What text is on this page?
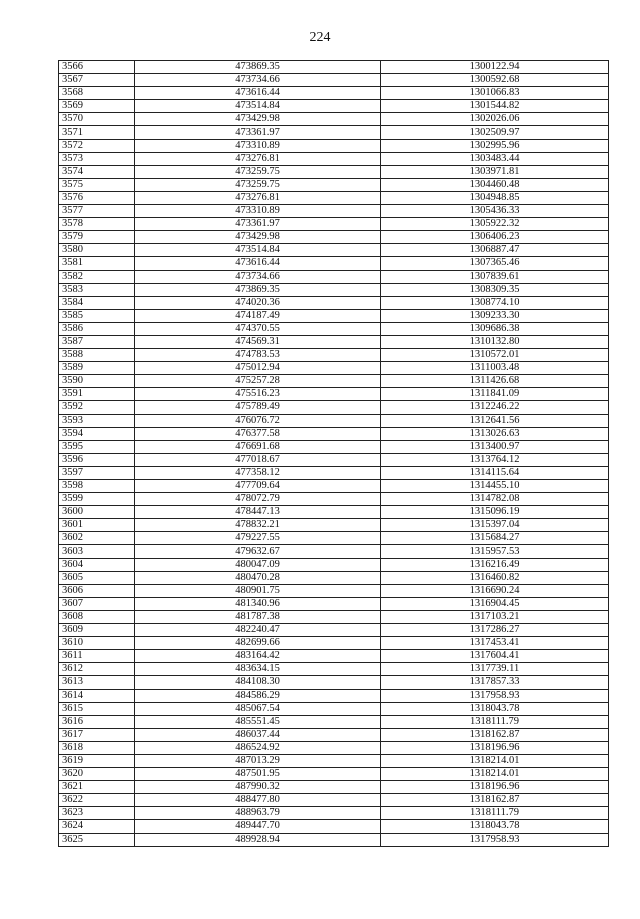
224
3566	473869.35	1300122.94
3567	473734.66	1300592.68
3568	473616.44	1301066.83
3569	473514.84	1301544.82
3570	473429.98	1302026.06
3571	473361.97	1302509.97
3572	473310.89	1302995.96
3573	473276.81	1303483.44
3574	473259.75	1303971.81
3575	473259.75	1304460.48
3576	473276.81	1304948.85
3577	473310.89	1305436.33
3578	473361.97	1305922.32
3579	473429.98	1306406.23
3580	473514.84	1306887.47
3581	473616.44	1307365.46
3582	473734.66	1307839.61
3583	473869.35	1308309.35
3584	474020.36	1308774.10
3585	474187.49	1309233.30
3586	474370.55	1309686.38
3587	474569.31	1310132.80
3588	474783.53	1310572.01
3589	475012.94	1311003.48
3590	475257.28	1311426.68
3591	475516.23	1311841.09
3592	475789.49	1312246.22
3593	476076.72	1312641.56
3594	476377.58	1313026.63
3595	476691.68	1313400.97
3596	477018.67	1313764.12
3597	477358.12	1314115.64
3598	477709.64	1314455.10
3599	478072.79	1314782.08
3600	478447.13	1315096.19
3601	478832.21	1315397.04
3602	479227.55	1315684.27
3603	479632.67	1315957.53
3604	480047.09	1316216.49
3605	480470.28	1316460.82
3606	480901.75	1316690.24
3607	481340.96	1316904.45
3608	481787.38	1317103.21
3609	482240.47	1317286.27
3610	482699.66	1317453.41
3611	483164.42	1317604.41
3612	483634.15	1317739.11
3613	484108.30	1317857.33
3614	484586.29	1317958.93
3615	485067.54	1318043.78
3616	485551.45	1318111.79
3617	486037.44	1318162.87
3618	486524.92	1318196.96
3619	487013.29	1318214.01
3620	487501.95	1318214.01
3621	487990.32	1318196.96
3622	488477.80	1318162.87
3623	488963.79	1318111.79
3624	489447.70	1318043.78
3625	489928.94	1317958.93
